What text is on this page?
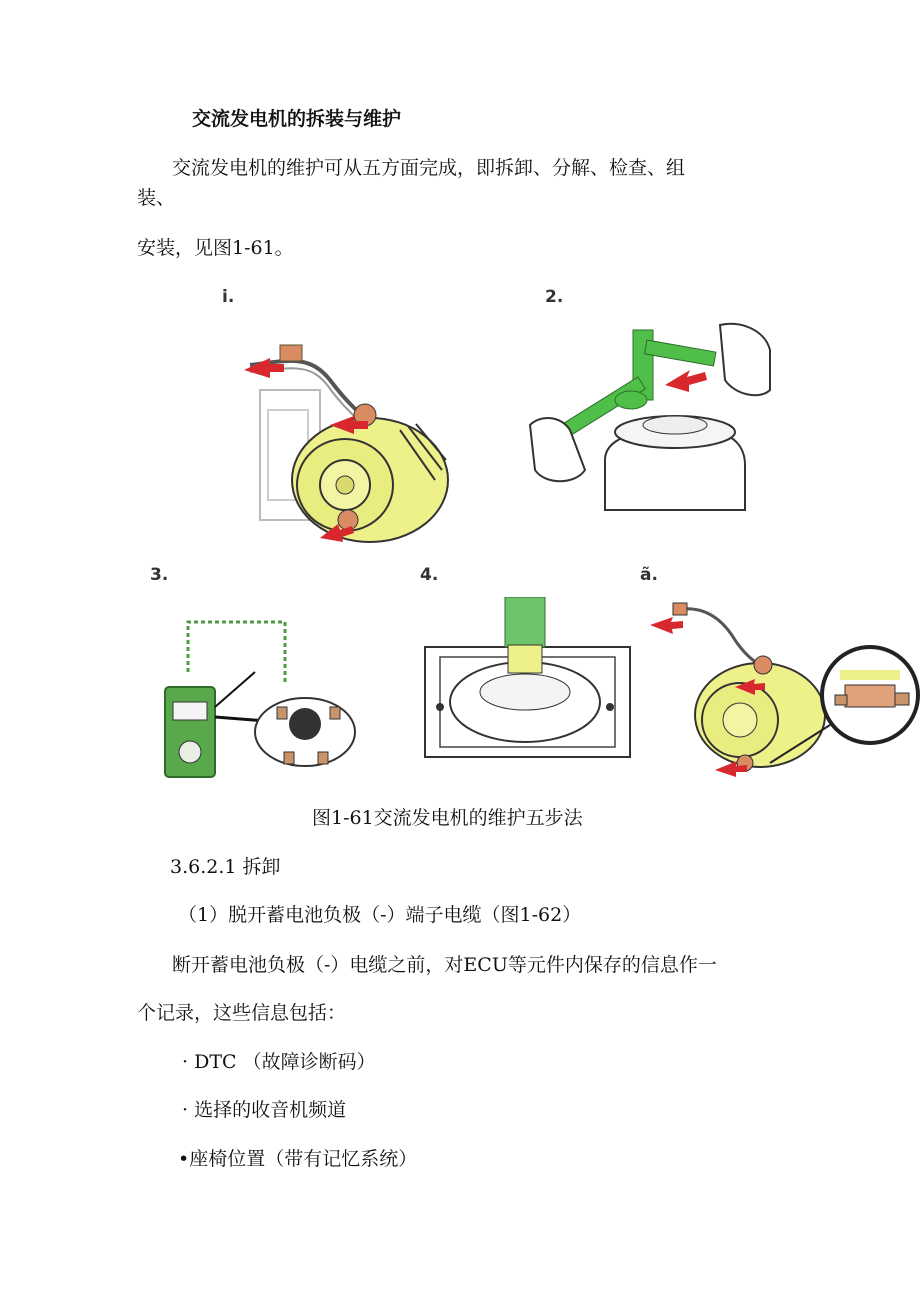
交流发电机的拆装与维护
交流发电机的维护可从五方面完成，即拆卸、分解、检查、组
装、
安装，见图1-61。
i.	2.
3.	4.	ã.
图1-61交流发电机的维护五步法
3.6.2.1 拆卸
（1）脱开蓄电池负极（-）端子电缆（图1-62）
断开蓄电池负极（-）电缆之前，对ECU等元件内保存的信息作一
个记录，这些信息包括：
· DTC （故障诊断码）
· 选择的收音机频道
•座椅位置（带有记忆系统）
